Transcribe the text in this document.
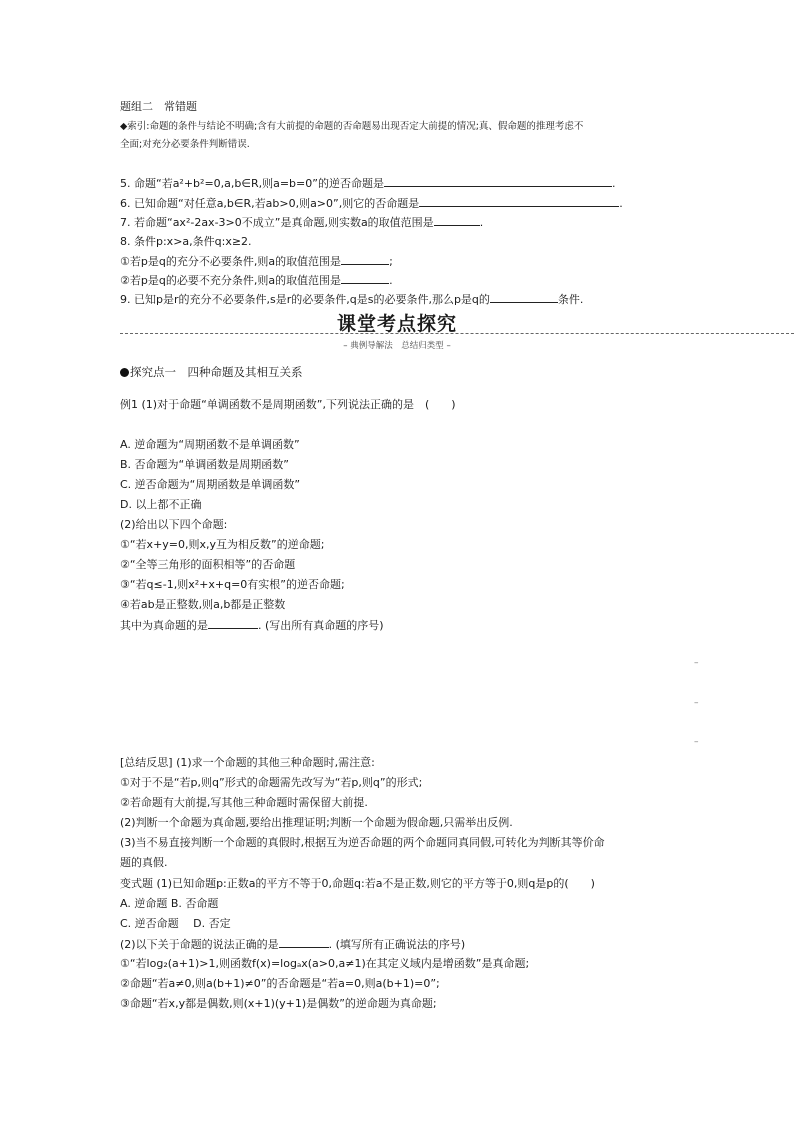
题组二　常错题
◆索引:命题的条件与结论不明确;含有大前提的命题的否命题易出现否定大前提的情况;真、假命题的推理考虑不
全面;对充分必要条件判断错误.
5. 命题“若a²+b²=0,a,b∈R,则a=b=0”的逆否命题是	.
6. 已知命题“对任意a,b∈R,若ab>0,则a>0”,则它的否命题是	.
7. 若命题“ax²-2ax-3>0不成立”是真命题,则实数a的取值范围是	.
8. 条件p:x>a,条件q:x≥2.
①若p是q的充分不必要条件,则a的取值范围是	;
②若p是q的必要不充分条件,则a的取值范围是	.
9. 已知p是r的充分不必要条件,s是r的必要条件,q是s的必要条件,那么p是q的	条件.
课堂考点探究
– 典例导解法　总结归类型 –
探究点一　四种命题及其相互关系
例1 (1)对于命题“单调函数不是周期函数”,下列说法正确的是　(　　)
A. 逆命题为“周期函数不是单调函数”
B. 否命题为“单调函数是周期函数”
C. 逆否命题为“周期函数是单调函数”
D. 以上都不正确
(2)给出以下四个命题:
①“若x+y=0,则x,y互为相反数”的逆命题;
②“全等三角形的面积相等”的否命题
③“若q≤-1,则x²+x+q=0有实根”的逆否命题;
④若ab是正整数,则a,b都是正整数
其中为真命题的是	. (写出所有真命题的序号)
–
–
–
[总结反思] (1)求一个命题的其他三种命题时,需注意:
①对于不是“若p,则q”形式的命题需先改写为“若p,则q”的形式;
②若命题有大前提,写其他三种命题时需保留大前提.
(2)判断一个命题为真命题,要给出推理证明;判断一个命题为假命题,只需举出反例.
(3)当不易直接判断一个命题的真假时,根据互为逆否命题的两个命题同真同假,可转化为判断其等价命
题的真假.
变式题 (1)已知命题p:正数a的平方不等于0,命题q:若a不是正数,则它的平方等于0,则q是p的(　　)
A. 逆命题 B. 否命题
C. 逆否命题　 D. 否定
(2)以下关于命题的说法正确的是	. (填写所有正确说法的序号)
①“若log₂(a+1)>1,则函数f(x)=logₐx(a>0,a≠1)在其定义域内是增函数”是真命题;
②命题“若a≠0,则a(b+1)≠0”的否命题是“若a=0,则a(b+1)=0”;
③命题“若x,y都是偶数,则(x+1)(y+1)是偶数”的逆命题为真命题;
